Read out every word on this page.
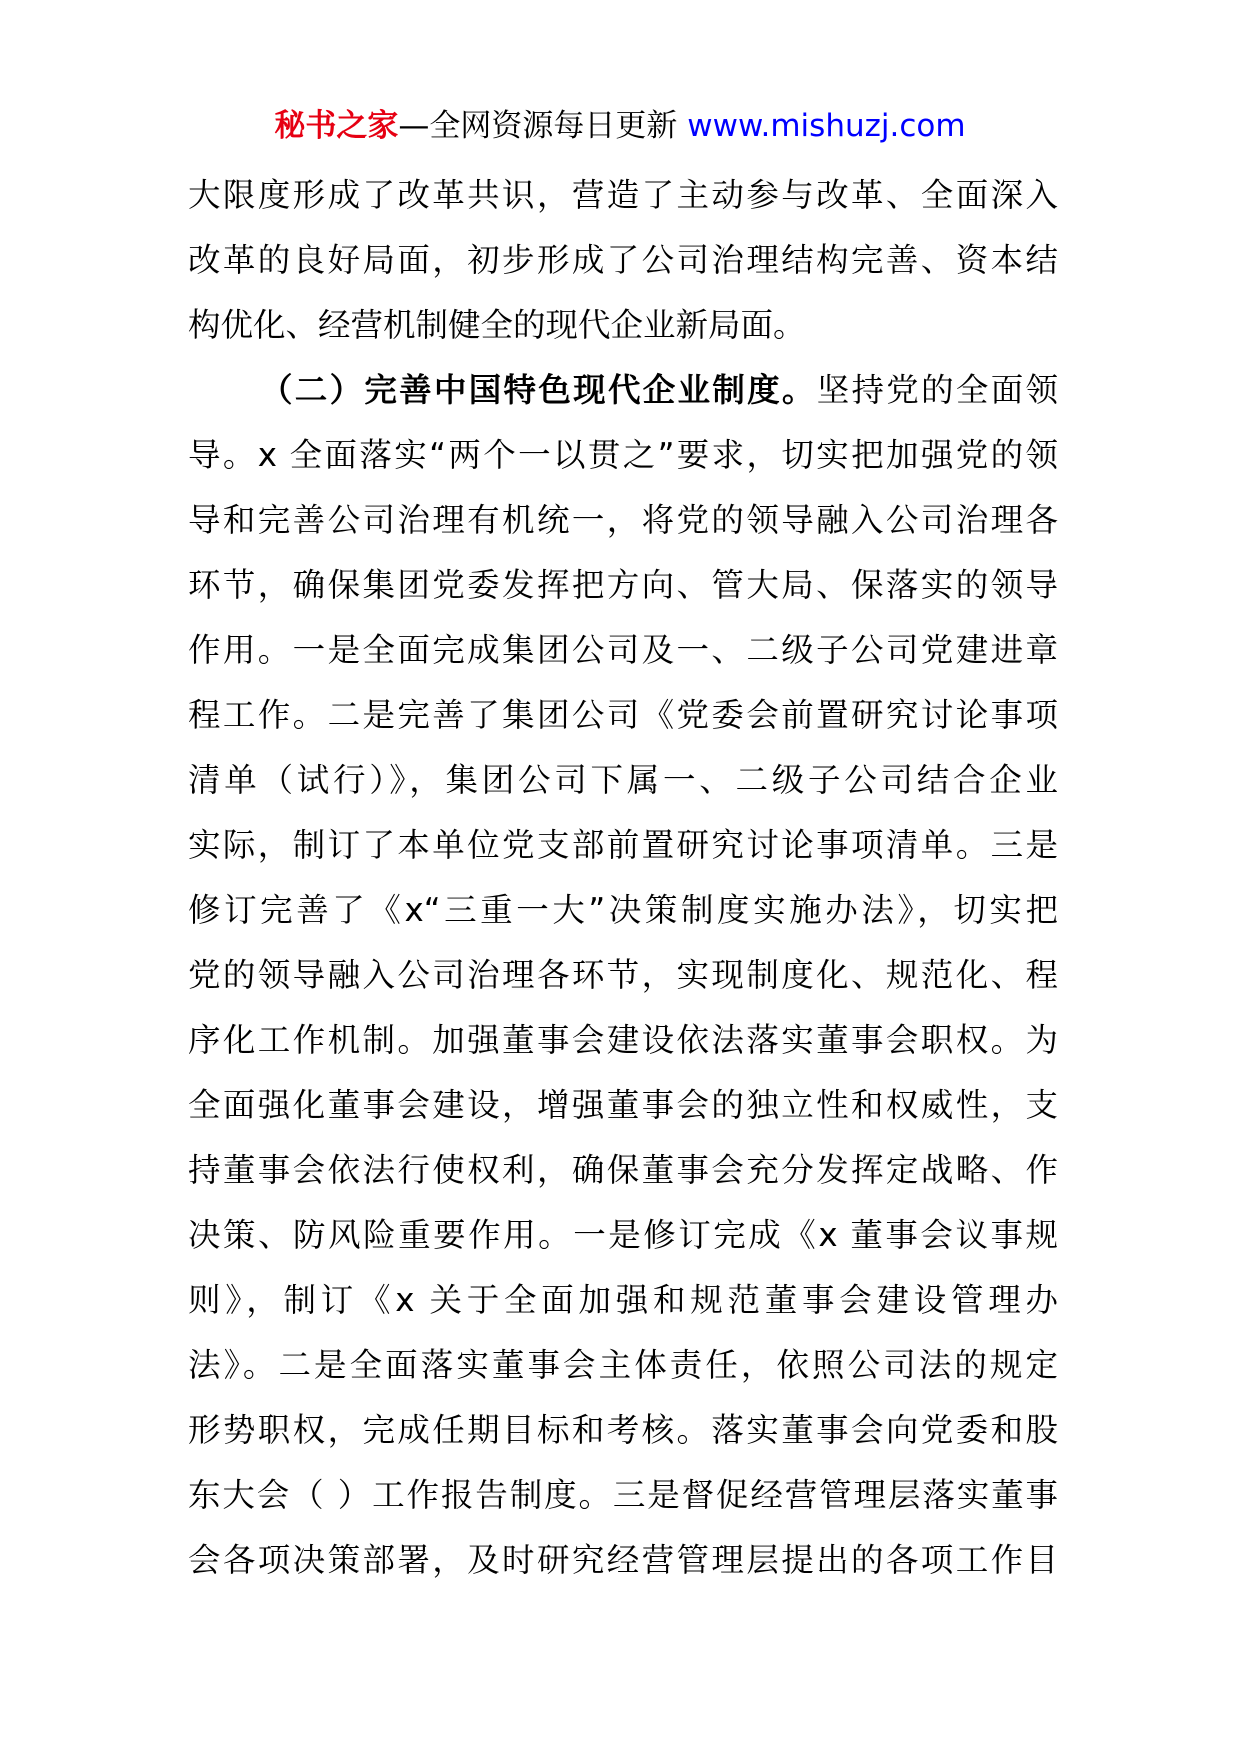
秘书之家—全网资源每日更新 www.mishuzj.com
大限度形成了改革共识，营造了主动参与改革、全面深入
改革的良好局面，初步形成了公司治理结构完善、资本结
构优化、经营机制健全的现代企业新局面。
（二）完善中国特色现代企业制度。坚持党的全面领
导。x 全面落实“两个一以贯之”要求，切实把加强党的领
导和完善公司治理有机统一，将党的领导融入公司治理各
环节，确保集团党委发挥把方向、管大局、保落实的领导
作用。一是全面完成集团公司及一、二级子公司党建进章
程工作。二是完善了集团公司《党委会前置研究讨论事项
清单（试行）》，集团公司下属一、二级子公司结合企业
实际，制订了本单位党支部前置研究讨论事项清单。三是
修订完善了《x“三重一大”决策制度实施办法》，切实把
党的领导融入公司治理各环节，实现制度化、规范化、程
序化工作机制。加强董事会建设依法落实董事会职权。为
全面强化董事会建设，增强董事会的独立性和权威性，支
持董事会依法行使权利，确保董事会充分发挥定战略、作
决策、防风险重要作用。一是修订完成《x 董事会议事规
则》，制订《x 关于全面加强和规范董事会建设管理办
法》。二是全面落实董事会主体责任，依照公司法的规定
形势职权，完成任期目标和考核。落实董事会向党委和股
东大会（ ）工作报告制度。三是督促经营管理层落实董事
会各项决策部署，及时研究经营管理层提出的各项工作目
